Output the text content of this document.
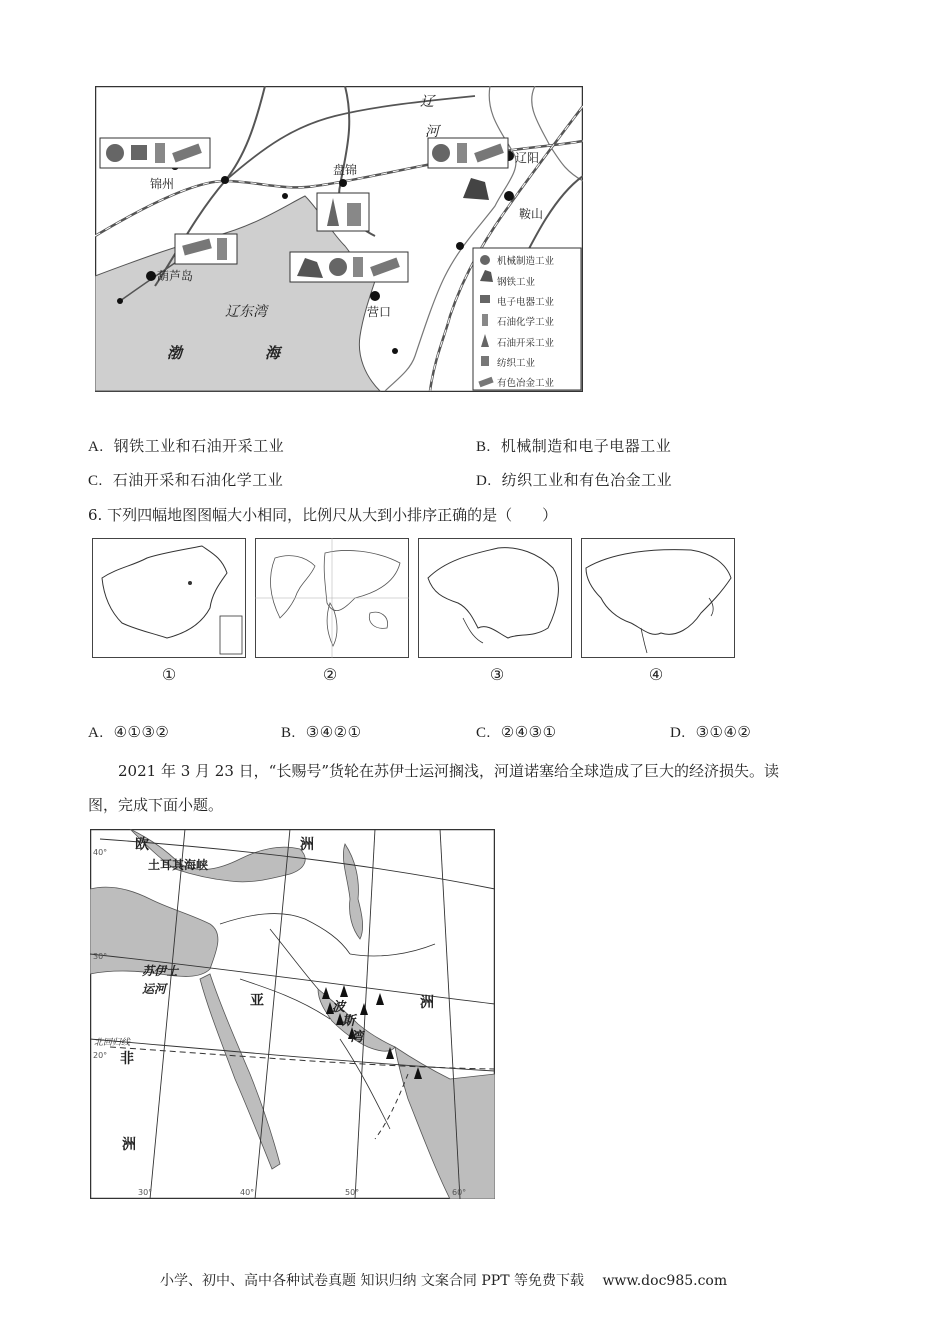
锦州
盘锦
辽阳
鞍山
葫芦岛
营口
辽东湾
渤	海
辽
河
机械制造工业
钢铁工业
电子电器工业
石油化学工业
石油开采工业
纺织工业
有色冶金工业
A. 钢铁工业和石油开采工业	B. 机械制造和电子电器工业
C. 石油开采和石油化学工业	D. 纺织工业和有色冶金工业
6. 下列四幅地图图幅大小相同，比例尺从大到小排序正确的是（　　）
①	②	③	④
A. ④①③②	B. ③④②①	C. ②④③①	D. ③①④②
2021 年 3 月 23 日，“长赐号”货轮在苏伊士运河搁浅，河道诺塞给全球造成了巨大的经济损失。读
图，完成下面小题。
欧	洲
土耳其海峡
苏伊士
运河
亚	洲
波
斯
湾
非
洲
北回归线
40°
30°
20°
30°	40°	50°	60°
小学、初中、高中各种试卷真题 知识归纳 文案合同 PPT 等免费下载 www.doc985.com
